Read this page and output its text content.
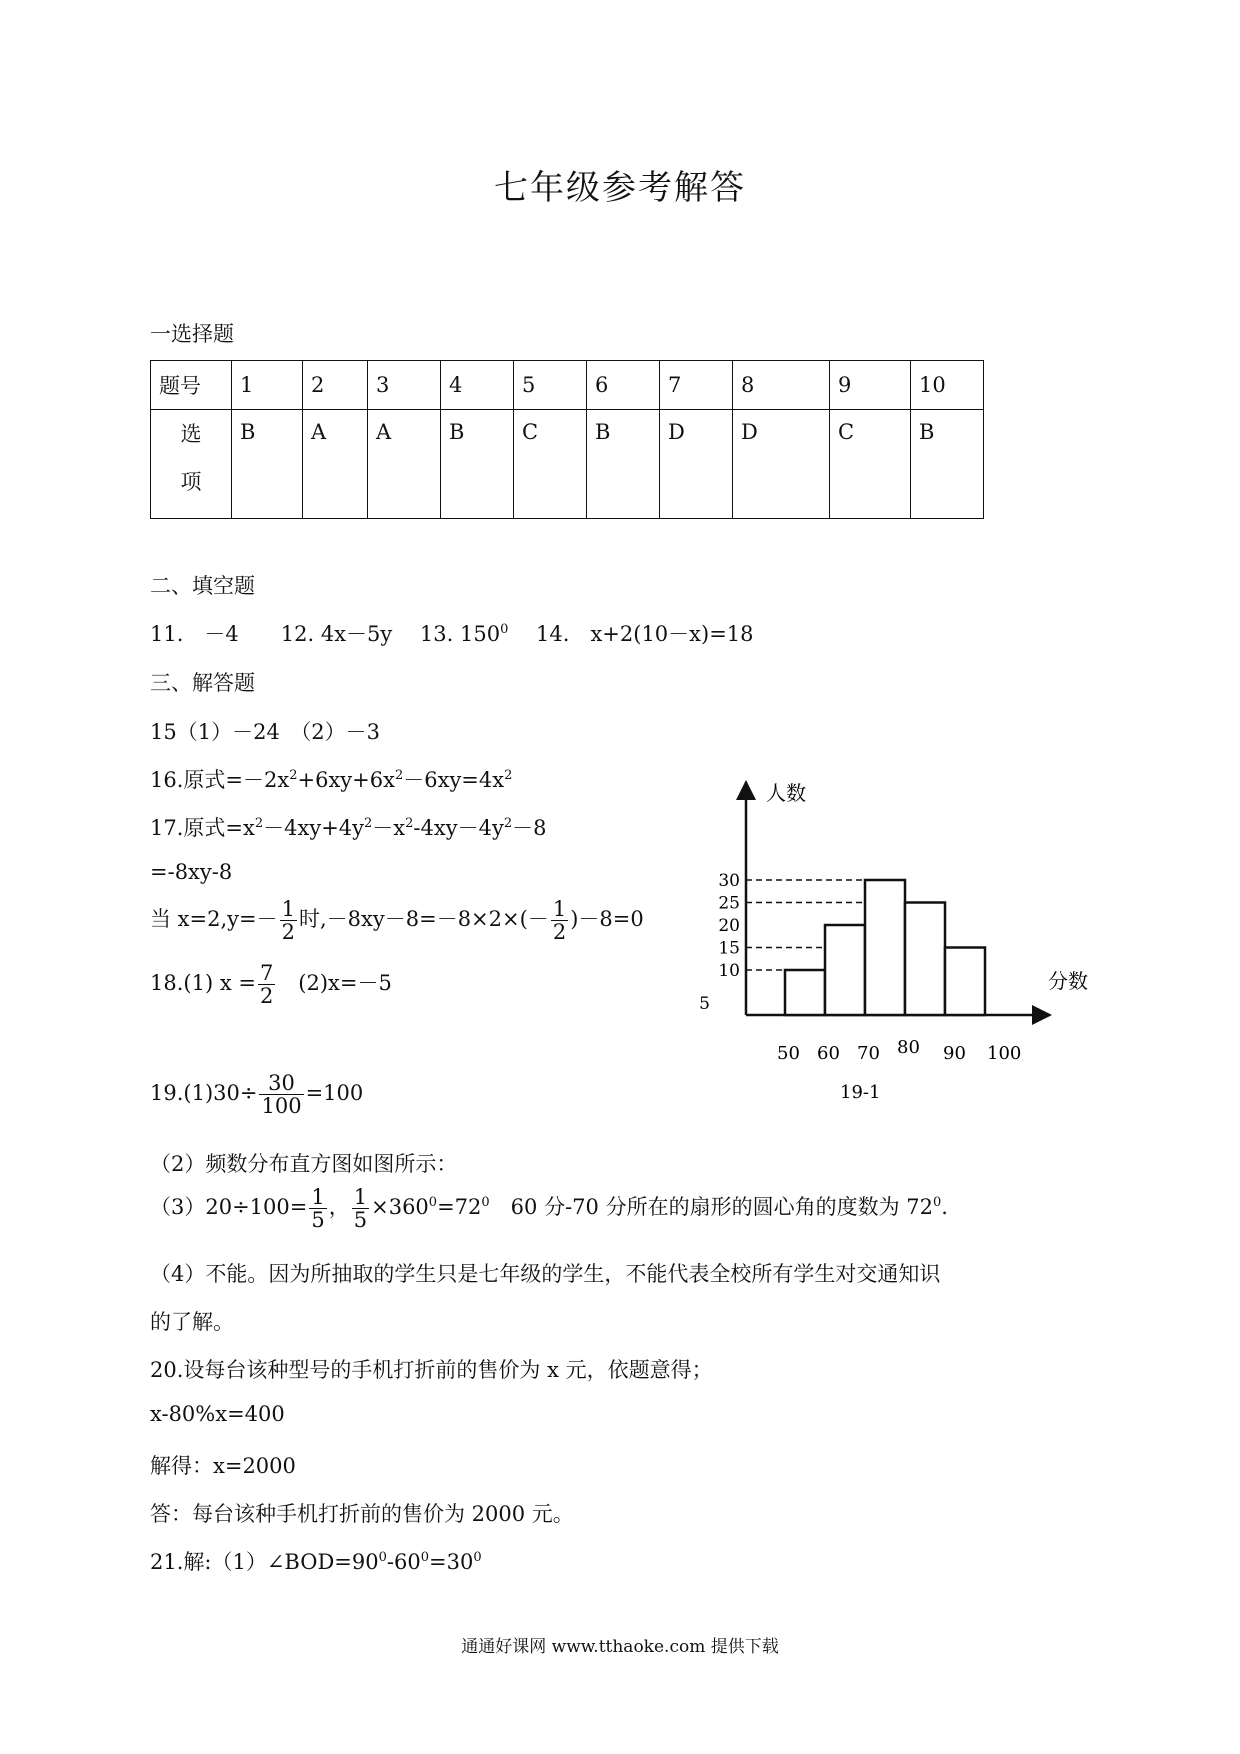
七年级参考解答
一选择题
题号	1	2	3	4	5	6	7	8	9	10
选
项	B	A	A	B	C	B	D	D	C	B
二、填空题
11.　－4　　12. 4x－5y　 13. $150^0$　 14.　x+2(10－x)=18
三、解答题
15（1）－24　（2）－3
16.原式$=-2x^2+6xy+6x^2-6xy=4x^2$
17.原式$=x^2-4xy+4y^2-x^2-4xy-4y^2-8$
=-8xy-8
当 $x=2,y=- \frac{1}{2}$ 时$,-8xy-8=-8\times 2\times(- \frac{1}{2} )-8=0$
18.(1) $x = \frac{7}{2}$ 　(2)x=－5
$19.(1)30\div \frac{30}{100} =100$
（2）频数分布直方图如图所示：
$(3)20\div 100= \frac{1}{5}$ ， $\frac{1}{5} \times 360^0=72^0$　60 分-70 分所在的扇形的圆心角的度数为 $72^0$.
（4）不能。因为所抽取的学生只是七年级的学生，不能代表全校所有学生对交通知识
的了解。
20.设每台该种型号的手机打折前的售价为 x 元，依题意得；
x-80%x=400
解得：x=2000
答：每台该种手机打折前的售价为 2000 元。
21.解$:(1)\angle BOD=90^0-60^0=30^0$
人数
分数
19-1
5
10
15
20
25
30
50 60 70 80 90 100
通通好课网 www.tthaoke.com 提供下载
